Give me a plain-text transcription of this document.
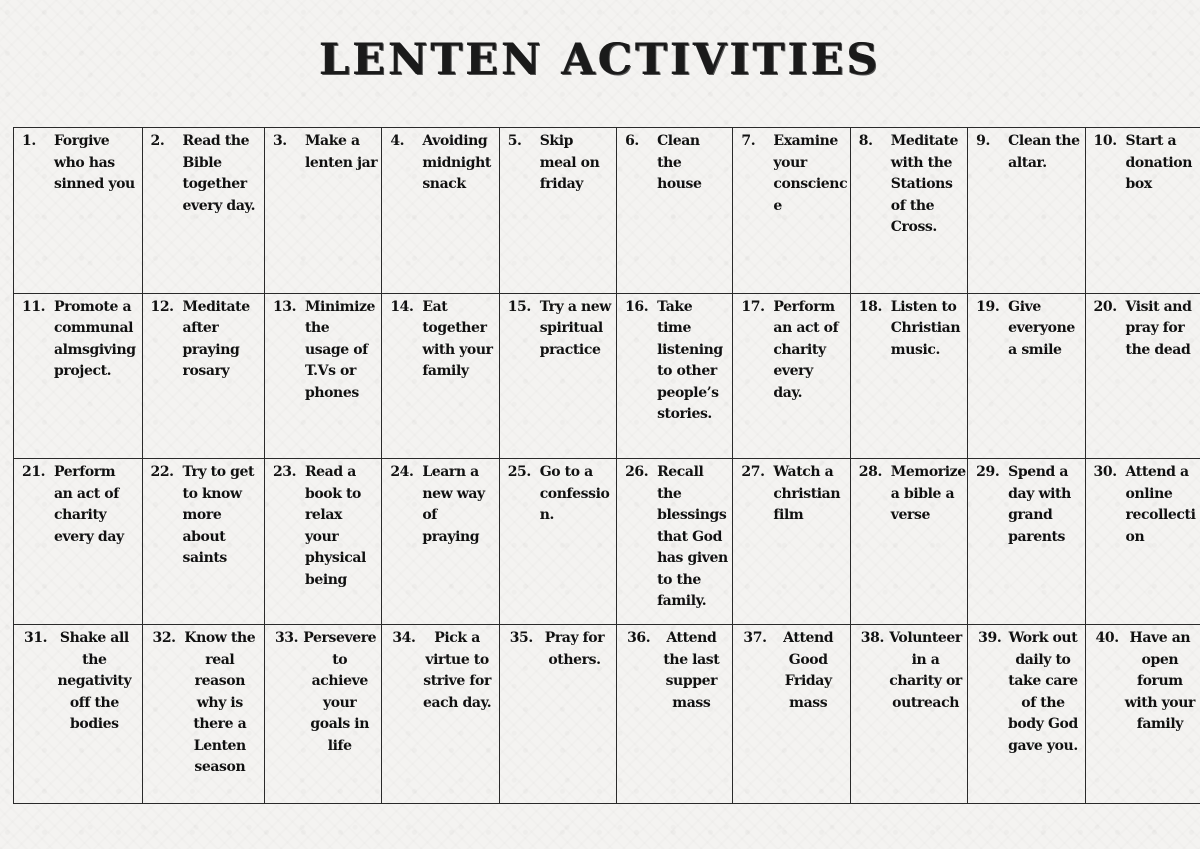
LENTEN ACTIVITIES
1. Forgive who has sinned you	2. Read the Bible together every day.	3. Make a lenten jar	4. Avoiding midnight snack	5. Skip meal on friday	6. Clean the house	7. Examine your conscienc e	8. Meditate with the Stations of the Cross.	9. Clean the altar.	10. Start a donation box

11. Promote a communal almsgiving project.	12. Meditate after praying rosary	13. Minimize the usage of T.Vs or phones	14. Eat together with your family	15. Try a new spiritual practice	16. Take time listening to other people’s stories.	17. Perform an act of charity every day.	18. Listen to Christian music.	19. Give everyone a smile	20. Visit and pray for the dead

21. Perform an act of charity every day	22. Try to get to know more about saints	23. Read a book to relax your physical being	24. Learn a new way of praying	25. Go to a confessio n.	26. Recall the blessings that God has given to the family.	27. Watch a christian film	28. Memorize a bible a verse	29. Spend a day with grand parents	30. Attend a online recollecti on

31. Shake all the negativity off the bodies	32. Know the real reason why is there a Lenten season	33. Persevere to achieve your goals in life	34. Pick a virtue to strive for each day.	35. Pray for others.	36. Attend the last supper mass	37. Attend Good Friday mass	38. Volunteer in a charity or outreach	39. Work out daily to take care of the body God gave you.	40. Have an open forum with your family
